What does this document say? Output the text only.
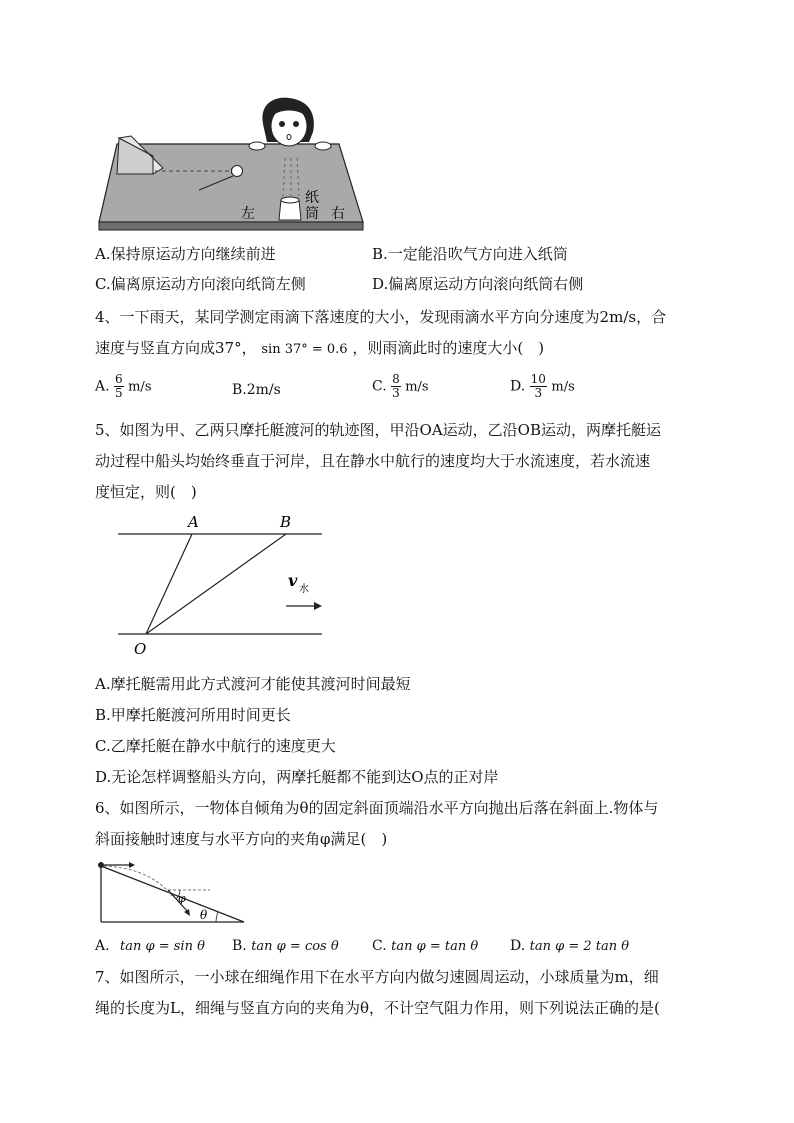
左
纸
筒 右
A.保持原运动方向继续前进	B.一定能沿吹气方向进入纸筒
C.偏离原运动方向滚向纸筒左侧	D.偏离原运动方向滚向纸筒右侧
4、一下雨天，某同学测定雨滴下落速度的大小，发现雨滴水平方向分速度为2m/s，合
速度与竖直方向成37°， sin 37° = 0.6 ，则雨滴此时的速度大小(　)
A. $\frac{6}{5} m/s$	B.2m/s	C. $\frac{8}{3} m/s$	D. $\frac{10}{3} m/s$
5、如图为甲、乙两只摩托艇渡河的轨迹图，甲沿OA运动，乙沿OB运动，两摩托艇运
动过程中船头均始终垂直于河岸，且在静水中航行的速度均大于水流速度，若水流速
度恒定，则(　)
A	B
O
v 水
A.摩托艇需用此方式渡河才能使其渡河时间最短
B.甲摩托艇渡河所用时间更长
C.乙摩托艇在静水中航行的速度更大
D.无论怎样调整船头方向，两摩托艇都不能到达O点的正对岸
6、如图所示，一物体自倾角为θ的固定斜面顶端沿水平方向抛出后落在斜面上.物体与
斜面接触时速度与水平方向的夹角φ满足(　)
φ
θ
A. tan φ = sin θ B. tan φ = cos θ C. tan φ = tan θ D. tan φ = 2 tan θ
7、如图所示，一小球在细绳作用下在水平方向内做匀速圆周运动，小球质量为m，细
绳的长度为L，细绳与竖直方向的夹角为θ，不计空气阻力作用，则下列说法正确的是(
